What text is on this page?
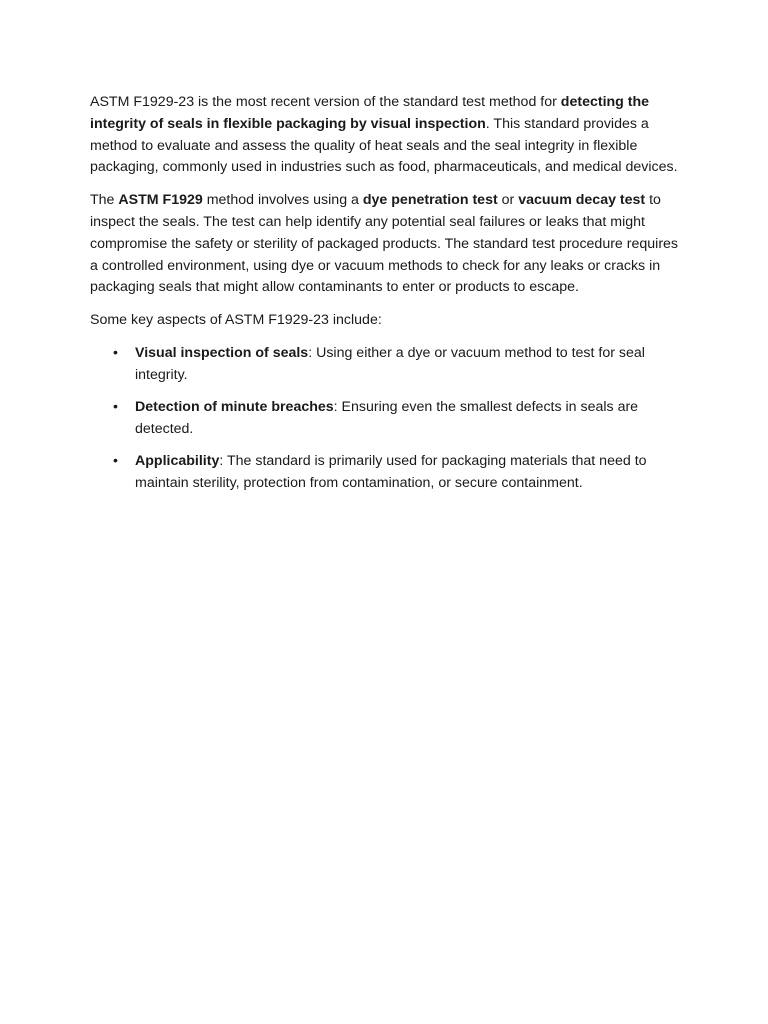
ASTM F1929-23 is the most recent version of the standard test method for detecting the integrity of seals in flexible packaging by visual inspection. This standard provides a method to evaluate and assess the quality of heat seals and the seal integrity in flexible packaging, commonly used in industries such as food, pharmaceuticals, and medical devices.

The ASTM F1929 method involves using a dye penetration test or vacuum decay test to inspect the seals. The test can help identify any potential seal failures or leaks that might compromise the safety or sterility of packaged products. The standard test procedure requires a controlled environment, using dye or vacuum methods to check for any leaks or cracks in packaging seals that might allow contaminants to enter or products to escape.

Some key aspects of ASTM F1929-23 include:

• Visual inspection of seals: Using either a dye or vacuum method to test for seal integrity.
• Detection of minute breaches: Ensuring even the smallest defects in seals are detected.
• Applicability: The standard is primarily used for packaging materials that need to maintain sterility, protection from contamination, or secure containment.
